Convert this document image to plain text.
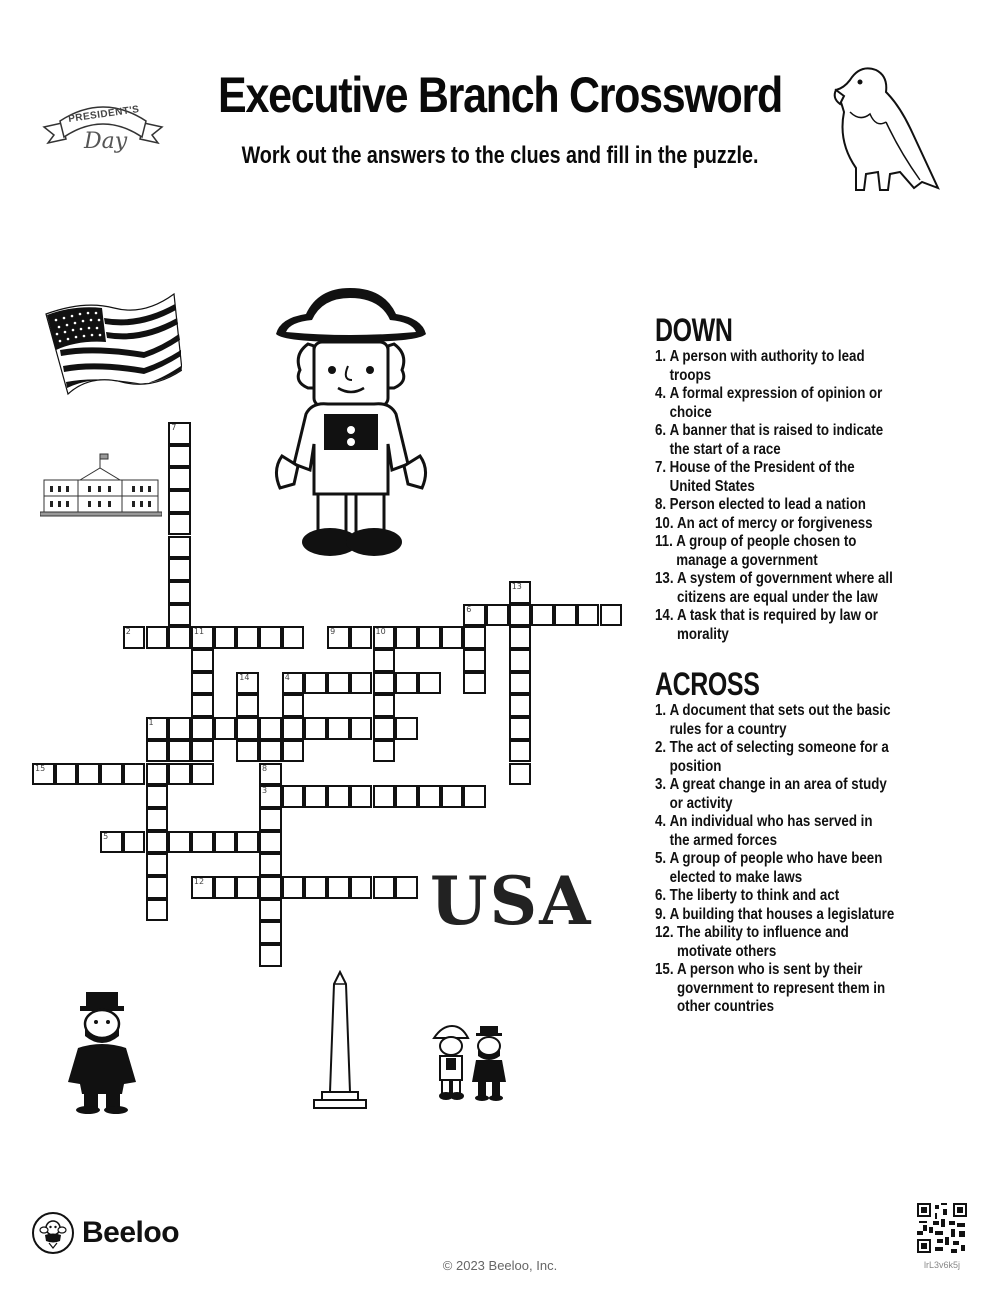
PRESIDENT'S
Day
Executive Branch Crossword
Work out the answers to the clues and fill in the puzzle.
USA
7
2	11	9	10
6
13
14	4
1
15	8
3
5
12
DOWN
1. A person with authority to lead troops
4. A formal expression of opinion or choice
6. A banner that is raised to indicate the start of a race
7. House of the President of the United States
8. Person elected to lead a nation
10. An act of mercy or forgiveness
11. A group of people chosen to manage a government
13. A system of government where all citizens are equal under the law
14. A task that is required by law or morality
ACROSS
1. A document that sets out the basic rules for a country
2. The act of selecting someone for a position
3. A great change in an area of study or activity
4. An individual who has served in the armed forces
5. A group of people who have been elected to make laws
6. The liberty to think and act
9. A building that houses a legislature
12. The ability to influence and motivate others
15. A person who is sent by their government to represent them in other countries
Beeloo
© 2023 Beeloo, Inc.	lrL3v6k5j
